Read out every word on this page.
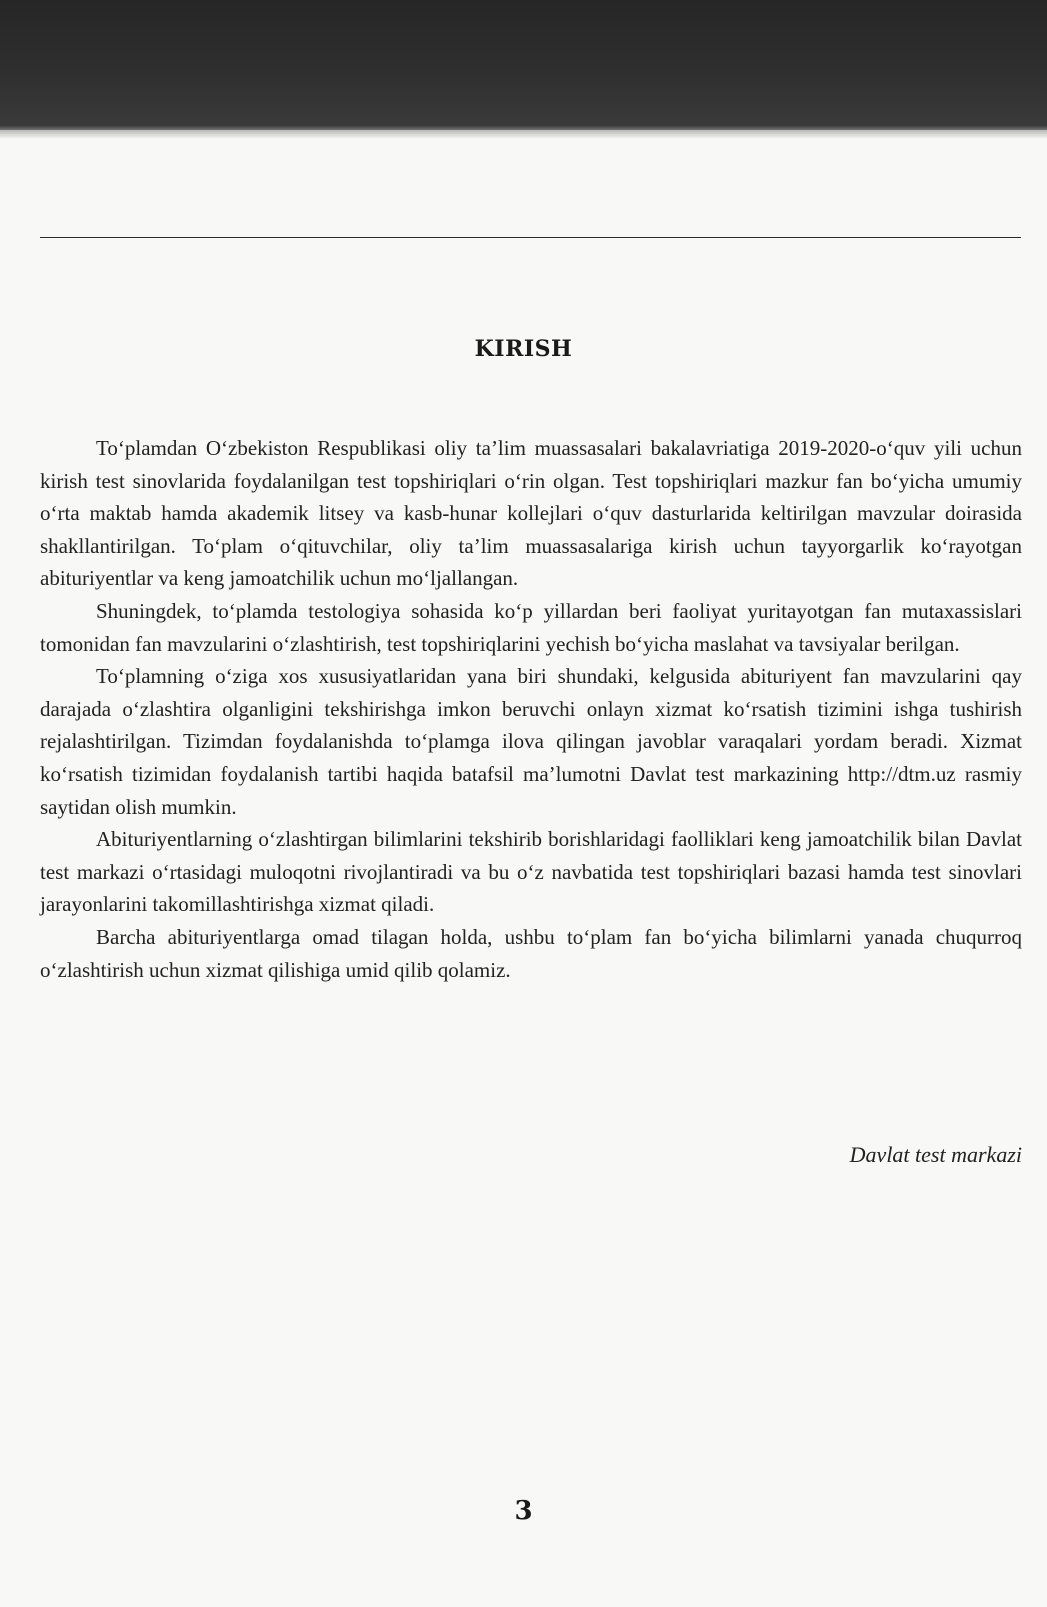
KIRISH

To‘plamdan O‘zbekiston Respublikasi oliy ta’lim muassasalari bakalavriatiga 2019-2020-o‘quv yili uchun kirish test sinovlarida foydalanilgan test topshiriqlari o‘rin olgan. Test topshiriqlari mazkur fan bo‘yicha umumiy o‘rta maktab hamda akademik litsey va kasb-hunar kollejlari o‘quv dasturlarida keltirilgan mavzular doirasida shakllantirilgan. To‘plam o‘qituvchilar, oliy ta’lim muassasalariga kirish uchun tayyorgarlik ko‘rayotgan abituriyentlar va keng jamoatchilik uchun mo‘ljallangan.

Shuningdek, to‘plamda testologiya sohasida ko‘p yillardan beri faoliyat yuritayotgan fan mutaxassislari tomonidan fan mavzularini o‘zlashtirish, test topshiriqlarini yechish bo‘yicha maslahat va tavsiyalar berilgan.

To‘plamning o‘ziga xos xususiyatlaridan yana biri shundaki, kelgusida abituriyent fan mavzularini qay darajada o‘zlashtira olganligini tekshirishga imkon beruvchi onlayn xizmat ko‘rsatish tizimini ishga tushirish rejalashtirilgan. Tizimdan foydalanishda to‘plamga ilova qilingan javoblar varaqalari yordam beradi. Xizmat ko‘rsatish tizimidan foydalanish tartibi haqida batafsil ma’lumotni Davlat test markazining http://dtm.uz rasmiy saytidan olish mumkin.

Abituriyentlarning o‘zlashtirgan bilimlarini tekshirib borishlaridagi faolliklari keng jamoatchilik bilan Davlat test markazi o‘rtasidagi muloqotni rivojlantiradi va bu o‘z navbatida test topshiriqlari bazasi hamda test sinovlari jarayonlarini takomillashtirishga xizmat qiladi.

Barcha abituriyentlarga omad tilagan holda, ushbu to‘plam fan bo‘yicha bilimlarni yanada chuqurroq o‘zlashtirish uchun xizmat qilishiga umid qilib qolamiz.

Davlat test markazi
3
